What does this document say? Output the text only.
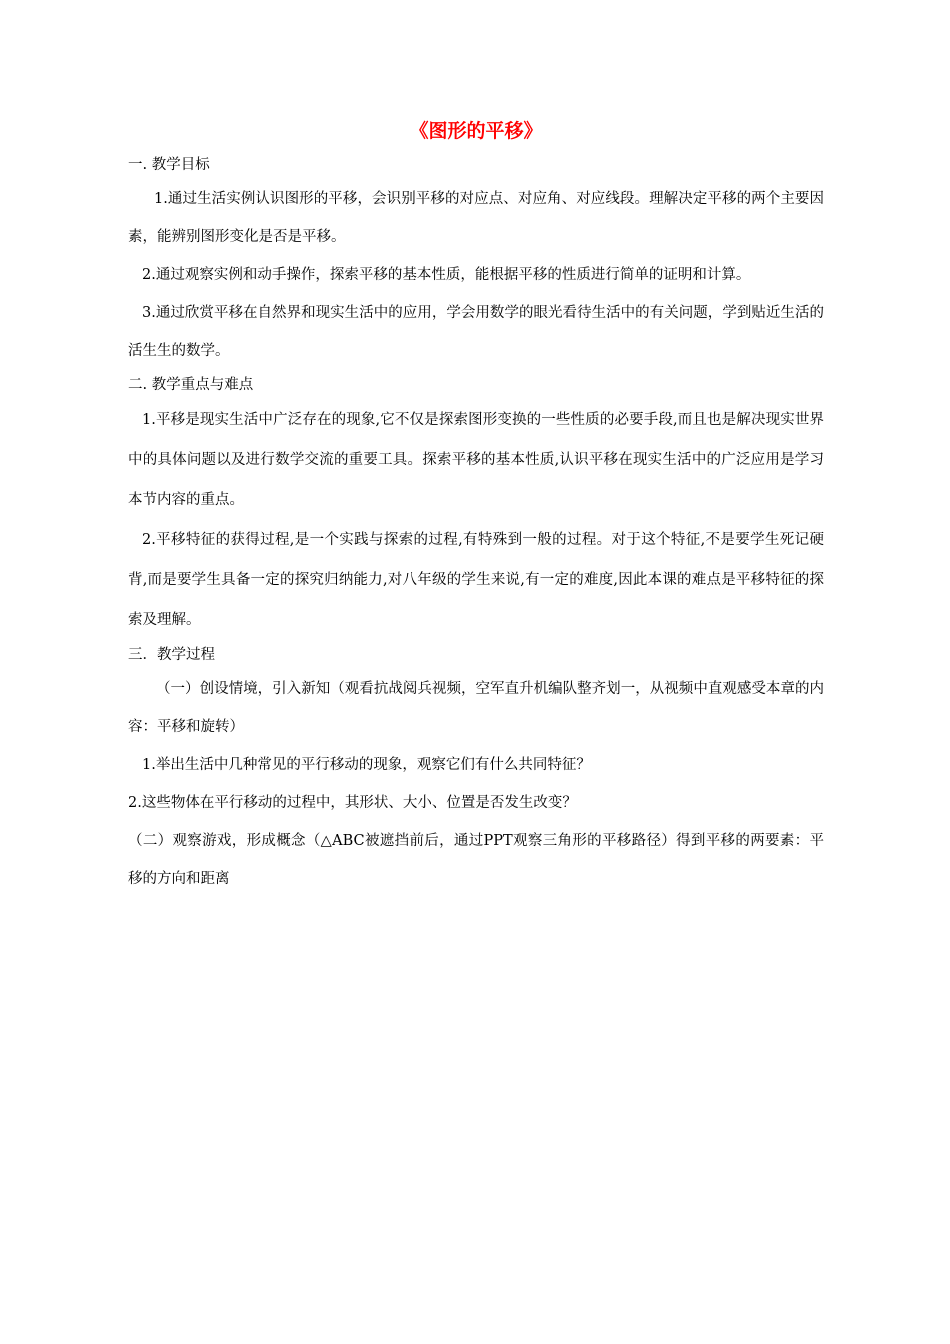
《图形的平移》

一. 教学目标

1.通过生活实例认识图形的平移，会识别平移的对应点、对应角、对应线段。理解决定平移的两个主要因素，能辨别图形变化是否是平移。

2.通过观察实例和动手操作，探索平移的基本性质，能根据平移的性质进行简单的证明和计算。

3.通过欣赏平移在自然界和现实生活中的应用，学会用数学的眼光看待生活中的有关问题，学到贴近生活的活生生的数学。

二. 教学重点与难点

1.平移是现实生活中广泛存在的现象,它不仅是探索图形变换的一些性质的必要手段,而且也是解决现实世界中的具体问题以及进行数学交流的重要工具。探索平移的基本性质,认识平移在现实生活中的广泛应用是学习本节内容的重点。

2.平移特征的获得过程,是一个实践与探索的过程,有特殊到一般的过程。对于这个特征,不是要学生死记硬背,而是要学生具备一定的探究归纳能力,对八年级的学生来说,有一定的难度,因此本课的难点是平移特征的探索及理解。

三．教学过程

（一）创设情境，引入新知（观看抗战阅兵视频，空军直升机编队整齐划一，从视频中直观感受本章的内容：平移和旋转）

1.举出生活中几种常见的平行移动的现象，观察它们有什么共同特征？

2.这些物体在平行移动的过程中，其形状、大小、位置是否发生改变？

（二）观察游戏，形成概念（△ABC被遮挡前后，通过PPT观察三角形的平移路径）得到平移的两要素：平移的方向和距离
